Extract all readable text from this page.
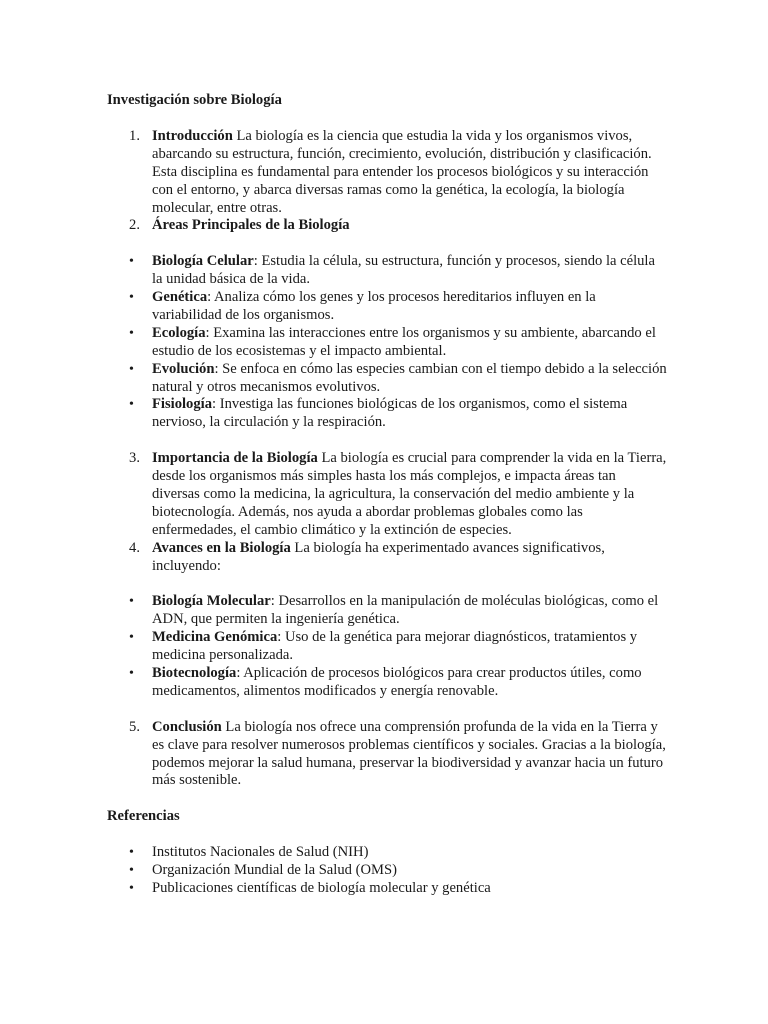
Investigación sobre Biología
1. Introducción La biología es la ciencia que estudia la vida y los organismos vivos, abarcando su estructura, función, crecimiento, evolución, distribución y clasificación. Esta disciplina es fundamental para entender los procesos biológicos y su interacción con el entorno, y abarca diversas ramas como la genética, la ecología, la biología molecular, entre otras.
2. Áreas Principales de la Biología
•	Biología Celular: Estudia la célula, su estructura, función y procesos, siendo la célula la unidad básica de la vida.
•	Genética: Analiza cómo los genes y los procesos hereditarios influyen en la variabilidad de los organismos.
•	Ecología: Examina las interacciones entre los organismos y su ambiente, abarcando el estudio de los ecosistemas y el impacto ambiental.
•	Evolución: Se enfoca en cómo las especies cambian con el tiempo debido a la selección natural y otros mecanismos evolutivos.
•	Fisiología: Investiga las funciones biológicas de los organismos, como el sistema nervioso, la circulación y la respiración.
3. Importancia de la Biología La biología es crucial para comprender la vida en la Tierra, desde los organismos más simples hasta los más complejos, e impacta áreas tan diversas como la medicina, la agricultura, la conservación del medio ambiente y la biotecnología. Además, nos ayuda a abordar problemas globales como las enfermedades, el cambio climático y la extinción de especies.
4. Avances en la Biología La biología ha experimentado avances significativos, incluyendo:
•	Biología Molecular: Desarrollos en la manipulación de moléculas biológicas, como el ADN, que permiten la ingeniería genética.
•	Medicina Genómica: Uso de la genética para mejorar diagnósticos, tratamientos y medicina personalizada.
•	Biotecnología: Aplicación de procesos biológicos para crear productos útiles, como medicamentos, alimentos modificados y energía renovable.
5. Conclusión La biología nos ofrece una comprensión profunda de la vida en la Tierra y es clave para resolver numerosos problemas científicos y sociales. Gracias a la biología, podemos mejorar la salud humana, preservar la biodiversidad y avanzar hacia un futuro más sostenible.
Referencias
•	Institutos Nacionales de Salud (NIH)
•	Organización Mundial de la Salud (OMS)
•	Publicaciones científicas de biología molecular y genética
